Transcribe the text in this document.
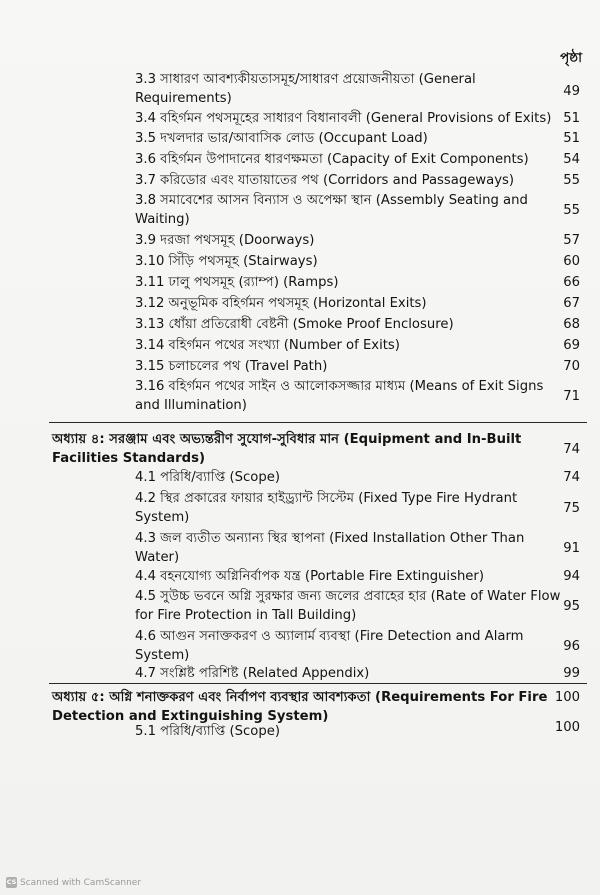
পৃষ্ঠা
3.3 সাধারণ আবশ্যকীয়তাসমূহ/সাধারণ প্রয়োজনীয়তা (General Requirements)	49
3.4 বহির্গমন পথসমূহের সাধারণ বিধানাবলী (General Provisions of Exits) 51
3.5 দখলদার ভার/আবাসিক লোড (Occupant Load)	51
3.6 বহির্গমন উপাদানের ধারণক্ষমতা (Capacity of Exit Components)	54
3.7 করিডোর এবং যাতায়াতের পথ (Corridors and Passageways)	55
3.8 সমাবেশের আসন বিন্যাস ও অপেক্ষা স্থান (Assembly Seating and Waiting)
55
3.9 দরজা পথসমূহ (Doorways)	57
3.10 সিঁড়ি পথসমূহ (Stairways)	60
3.11 ঢালু পথসমূহ (র‍্যাম্প) (Ramps)	66
3.12 অনুভূমিক বহির্গমন পথসমূহ (Horizontal Exits)	67
3.13 ধোঁয়া প্রতিরোধী বেষ্টনী (Smoke Proof Enclosure)	68
3.14 বহির্গমন পথের সংখ্যা (Number of Exits)	69
3.15 চলাচলের পথ (Travel Path)	70
3.16 বহির্গমন পথের সাইন ও আলোকসজ্জার মাধ্যম (Means of Exit Signs and Illumination)
71
অধ্যায় ৪: সরঞ্জাম এবং অভ্যন্তরীণ সুযোগ-সুবিধার মান (Equipment and In-Built Facilities Standards)
74
4.1 পরিধি/ব্যাপ্তি (Scope)	74
4.2 স্থির প্রকারের ফায়ার হাইড্র্যান্ট সিস্টেম (Fixed Type Fire Hydrant System)
75
4.3 জল ব্যতীত অন্যান্য স্থির স্থাপনা (Fixed Installation Other Than Water)
91
4.4 বহনযোগ্য অগ্নিনির্বাপক যন্ত্র (Portable Fire Extinguisher)	94
4.5 সুউচ্চ ভবনে অগ্নি সুরক্ষার জন্য জলের প্রবাহের হার (Rate of Water Flow for Fire Protection in Tall Building)
95
4.6 আগুন সনাক্তকরণ ও অ্যালার্ম ব্যবস্থা (Fire Detection and Alarm System)
96
4.7 সংশ্লিষ্ট পরিশিষ্ট (Related Appendix)	99
অধ্যায় ৫: অগ্নি শনাক্তকরণ এবং নির্বাপণ ব্যবস্থার আবশ্যকতা (Requirements For Fire Detection and Extinguishing System)
100
5.1 পরিধি/ব্যাপ্তি (Scope)	100
CS Scanned with CamScanner
